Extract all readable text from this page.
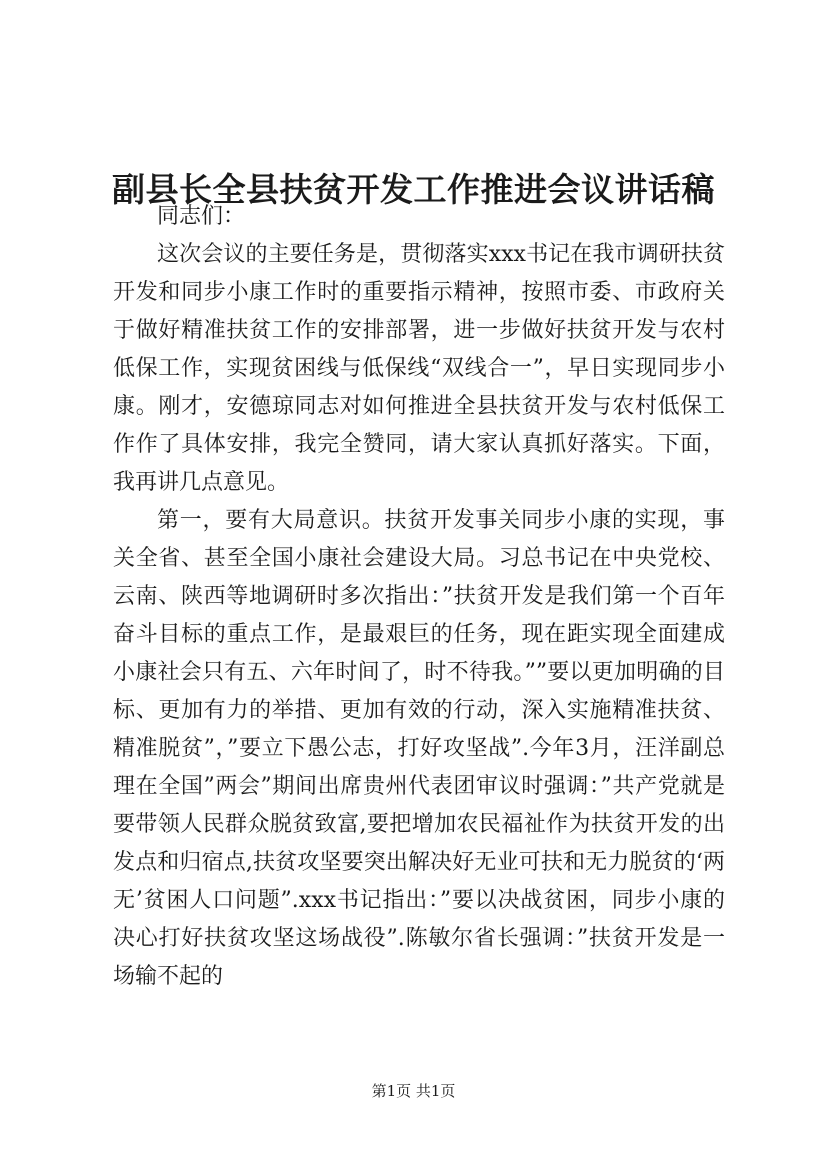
副县长全县扶贫开发工作推进会议讲话稿

同志们：

这次会议的主要任务是，贯彻落实xxx书记在我市调研扶贫开发和同步小康工作时的重要指示精神，按照市委、市政府关于做好精准扶贫工作的安排部署，进一步做好扶贫开发与农村低保工作，实现贫困线与低保线“双线合一”，早日实现同步小康。刚才，安德琼同志对如何推进全县扶贫开发与农村低保工作作了具体安排，我完全赞同，请大家认真抓好落实。下面，我再讲几点意见。

第一，要有大局意识。扶贫开发事关同步小康的实现，事关全省、甚至全国小康社会建设大局。习总书记在中央党校、云南、陕西等地调研时多次指出：”扶贫开发是我们第一个百年奋斗目标的重点工作，是最艰巨的任务，现在距实现全面建成小康社会只有五、六年时间了，时不待我。””要以更加明确的目标、更加有力的举措、更加有效的行动，深入实施精准扶贫、精准脱贫”，”要立下愚公志，打好攻坚战”.今年3月，汪洋副总理在全国”两会”期间出席贵州代表团审议时强调：”共产党就是要带领人民群众脱贫致富,要把增加农民福祉作为扶贫开发的出发点和归宿点,扶贫攻坚要突出解决好无业可扶和无力脱贫的‘两无’贫困人口问题”.xxx书记指出：”要以决战贫困，同步小康的决心打好扶贫攻坚这场战役”.陈敏尔省长强调：”扶贫开发是一场输不起的

第1页 共1页
